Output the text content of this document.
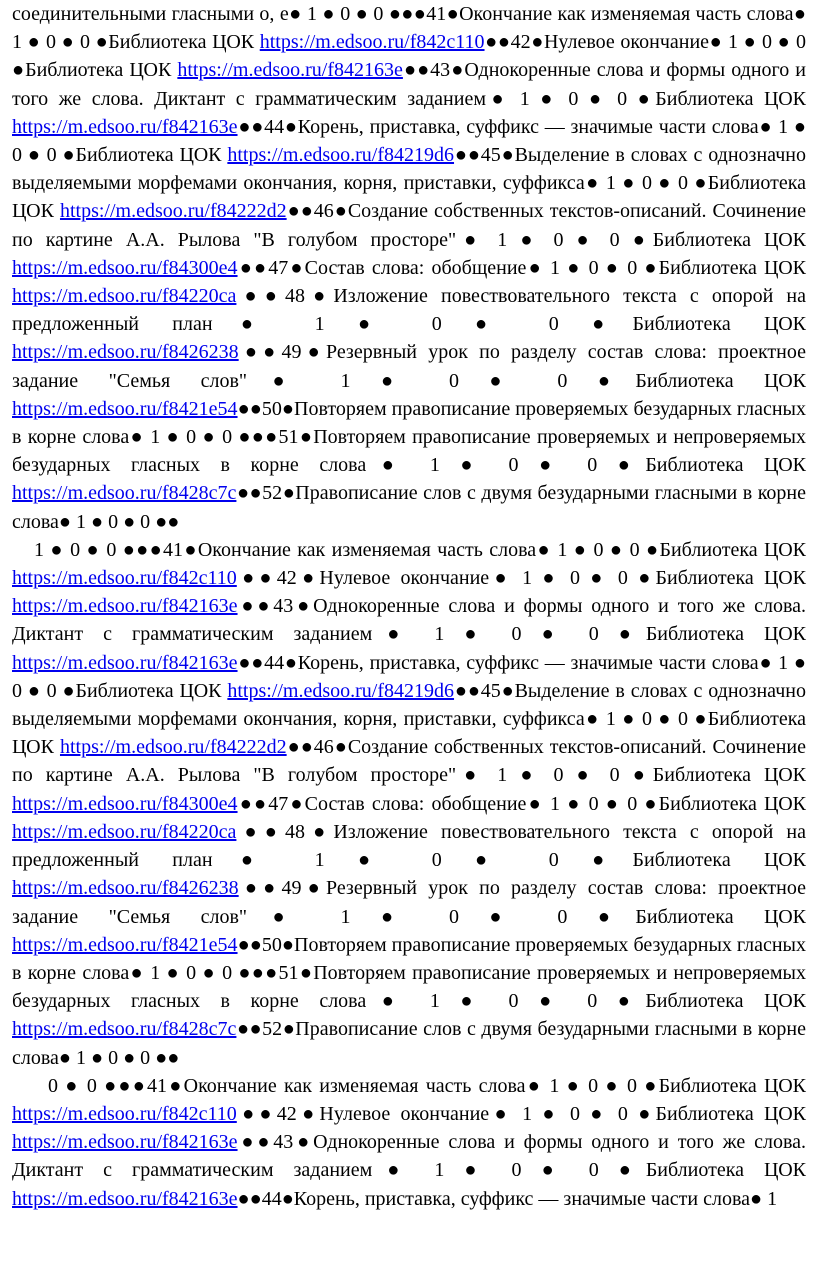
соединительными гласными о, е● 1 ● 0 ● 0 ●●●41●Окончание как изменяемая часть слова● 1 ● 0 ● 0 ●Библиотека ЦОК https://m.edsoo.ru/f842c110●●42●Нулевое окончание● 1 ● 0 ● 0 ●Библиотека ЦОК https://m.edsoo.ru/f842163e●●43●Однокоренные слова и формы одного и того же слова. Диктант с грамматическим заданием● 1 ● 0 ● 0 ●Библиотека ЦОК https://m.edsoo.ru/f842163e●●44●Корень, приставка, суффикс — значимые части слова● 1 ● 0 ● 0 ●Библиотека ЦОК https://m.edsoo.ru/f84219d6●●45●Выделение в словах с однозначно выделяемыми морфемами окончания, корня, приставки, суффикса● 1 ● 0 ● 0 ●Библиотека ЦОК https://m.edsoo.ru/f84222d2●●46●Создание собственных текстов-описаний. Сочинение по картине А.А. Рылова "В голубом просторе"● 1 ● 0 ● 0 ●Библиотека ЦОК https://m.edsoo.ru/f84300e4●●47●Состав слова: обобщение● 1 ● 0 ● 0 ●Библиотека ЦОК https://m.edsoo.ru/f84220ca●●48●Изложение повествовательного текста с опорой на предложенный план● 1 ● 0 ● 0 ●Библиотека ЦОК https://m.edsoo.ru/f8426238●●49●Резервный урок по разделу состав слова: проектное задание "Семья слов"● 1 ● 0 ● 0 ●Библиотека ЦОК https://m.edsoo.ru/f8421e54●●50●Повторяем правописание проверяемых безударных гласных в корне слова● 1 ● 0 ● 0 ●●●51●Повторяем правописание проверяемых и непроверяемых безударных гласных в корне слова● 1 ● 0 ● 0 ●Библиотека ЦОК https://m.edsoo.ru/f8428c7c●●52●Правописание слов с двумя безударными гласными в корне слова● 1 ● 0 ● 0 ●●

1 ● 0 ● 0 ●●●41●Окончание как изменяемая часть слова● 1 ● 0 ● 0 ●Библиотека ЦОК https://m.edsoo.ru/f842c110●●42●Нулевое окончание● 1 ● 0 ● 0 ●Библиотека ЦОК https://m.edsoo.ru/f842163e●●43●Однокоренные слова и формы одного и того же слова. Диктант с грамматическим заданием● 1 ● 0 ● 0 ●Библиотека ЦОК https://m.edsoo.ru/f842163e●●44●Корень, приставка, суффикс — значимые части слова● 1 ● 0 ● 0 ●Библиотека ЦОК https://m.edsoo.ru/f84219d6●●45●Выделение в словах с однозначно выделяемыми морфемами окончания, корня, приставки, суффикса● 1 ● 0 ● 0 ●Библиотека ЦОК https://m.edsoo.ru/f84222d2●●46●Создание собственных текстов-описаний. Сочинение по картине А.А. Рылова "В голубом просторе"● 1 ● 0 ● 0 ●Библиотека ЦОК https://m.edsoo.ru/f84300e4●●47●Состав слова: обобщение● 1 ● 0 ● 0 ●Библиотека ЦОК https://m.edsoo.ru/f84220ca●●48●Изложение повествовательного текста с опорой на предложенный план● 1 ● 0 ● 0 ●Библиотека ЦОК https://m.edsoo.ru/f8426238●●49●Резервный урок по разделу состав слова: проектное задание "Семья слов"● 1 ● 0 ● 0 ●Библиотека ЦОК https://m.edsoo.ru/f8421e54●●50●Повторяем правописание проверяемых безударных гласных в корне слова● 1 ● 0 ● 0 ●●●51●Повторяем правописание проверяемых и непроверяемых безударных гласных в корне слова● 1 ● 0 ● 0 ●Библиотека ЦОК https://m.edsoo.ru/f8428c7c●●52●Правописание слов с двумя безударными гласными в корне слова● 1 ● 0 ● 0 ●●

0 ● 0 ●●●41●Окончание как изменяемая часть слова● 1 ● 0 ● 0 ●Библиотека ЦОК https://m.edsoo.ru/f842c110●●42●Нулевое окончание● 1 ● 0 ● 0 ●Библиотека ЦОК https://m.edsoo.ru/f842163e●●43●Однокоренные слова и формы одного и того же слова. Диктант с грамматическим заданием● 1 ● 0 ● 0 ●Библиотека ЦОК https://m.edsoo.ru/f842163e●●44●Корень, приставка, суффикс — значимые части слова● 1
